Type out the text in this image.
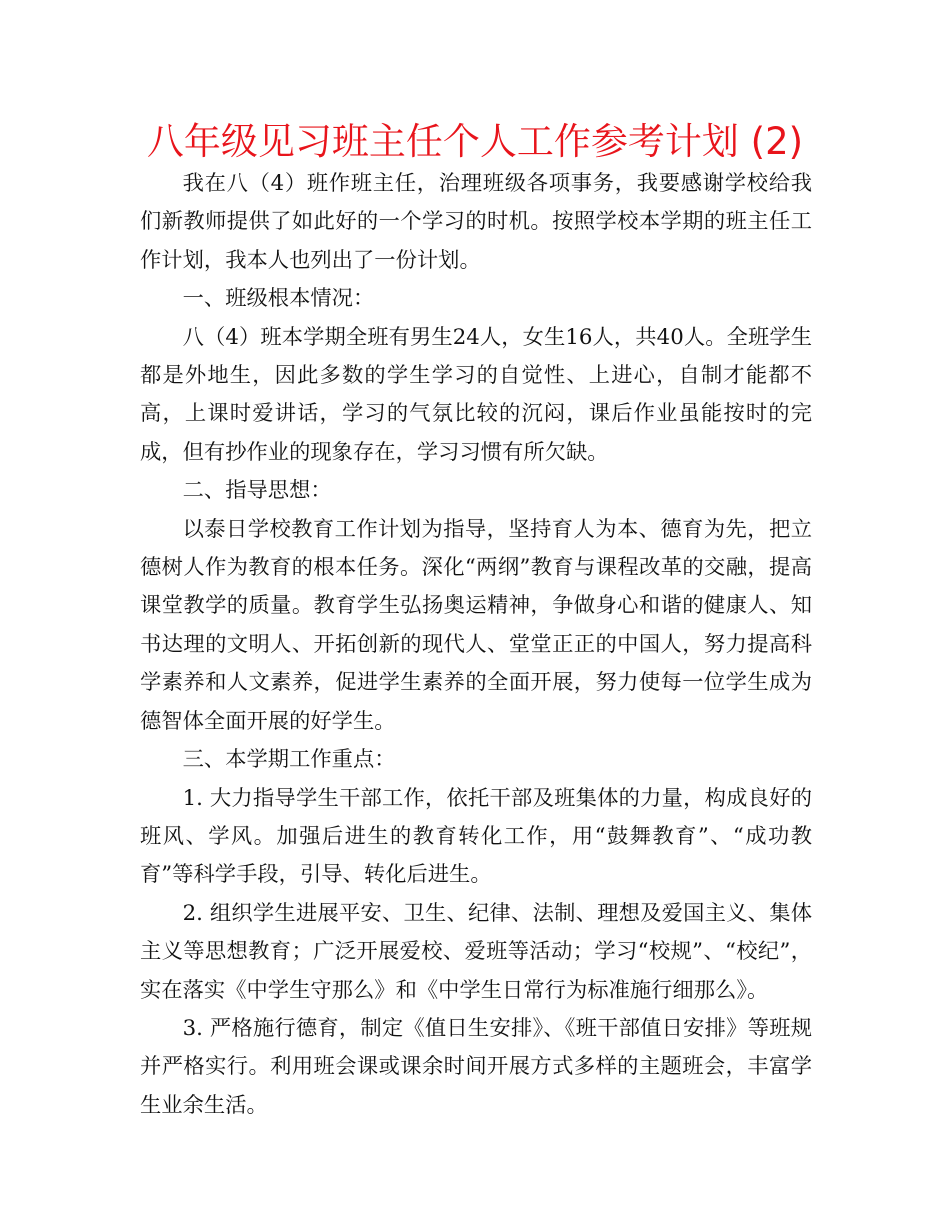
八年级见习班主任个人工作参考计划 (2)

我在八（4）班作班主任，治理班级各项事务，我要感谢学校给我们新教师提供了如此好的一个学习的时机。按照学校本学期的班主任工作计划，我本人也列出了一份计划。

一、班级根本情况：

八（4）班本学期全班有男生24人，女生16人，共40人。全班学生都是外地生，因此多数的学生学习的自觉性、上进心，自制才能都不高，上课时爱讲话，学习的气氛比较的沉闷，课后作业虽能按时的完成，但有抄作业的现象存在，学习习惯有所欠缺。

二、指导思想：

以泰日学校教育工作计划为指导，坚持育人为本、德育为先，把立德树人作为教育的根本任务。深化“两纲”教育与课程改革的交融，提高课堂教学的质量。教育学生弘扬奥运精神，争做身心和谐的健康人、知书达理的文明人、开拓创新的现代人、堂堂正正的中国人，努力提高科学素养和人文素养，促进学生素养的全面开展，努力使每一位学生成为德智体全面开展的好学生。

三、本学期工作重点：

1. 大力指导学生干部工作，依托干部及班集体的力量，构成良好的班风、学风。加强后进生的教育转化工作，用“鼓舞教育”、“成功教育”等科学手段，引导、转化后进生。

2. 组织学生进展平安、卫生、纪律、法制、理想及爱国主义、集体主义等思想教育；广泛开展爱校、爱班等活动；学习“校规”、“校纪”，实在落实《中学生守那么》和《中学生日常行为标准施行细那么》。

3. 严格施行德育，制定《值日生安排》、《班干部值日安排》等班规并严格实行。利用班会课或课余时间开展方式多样的主题班会，丰富学生业余生活。
